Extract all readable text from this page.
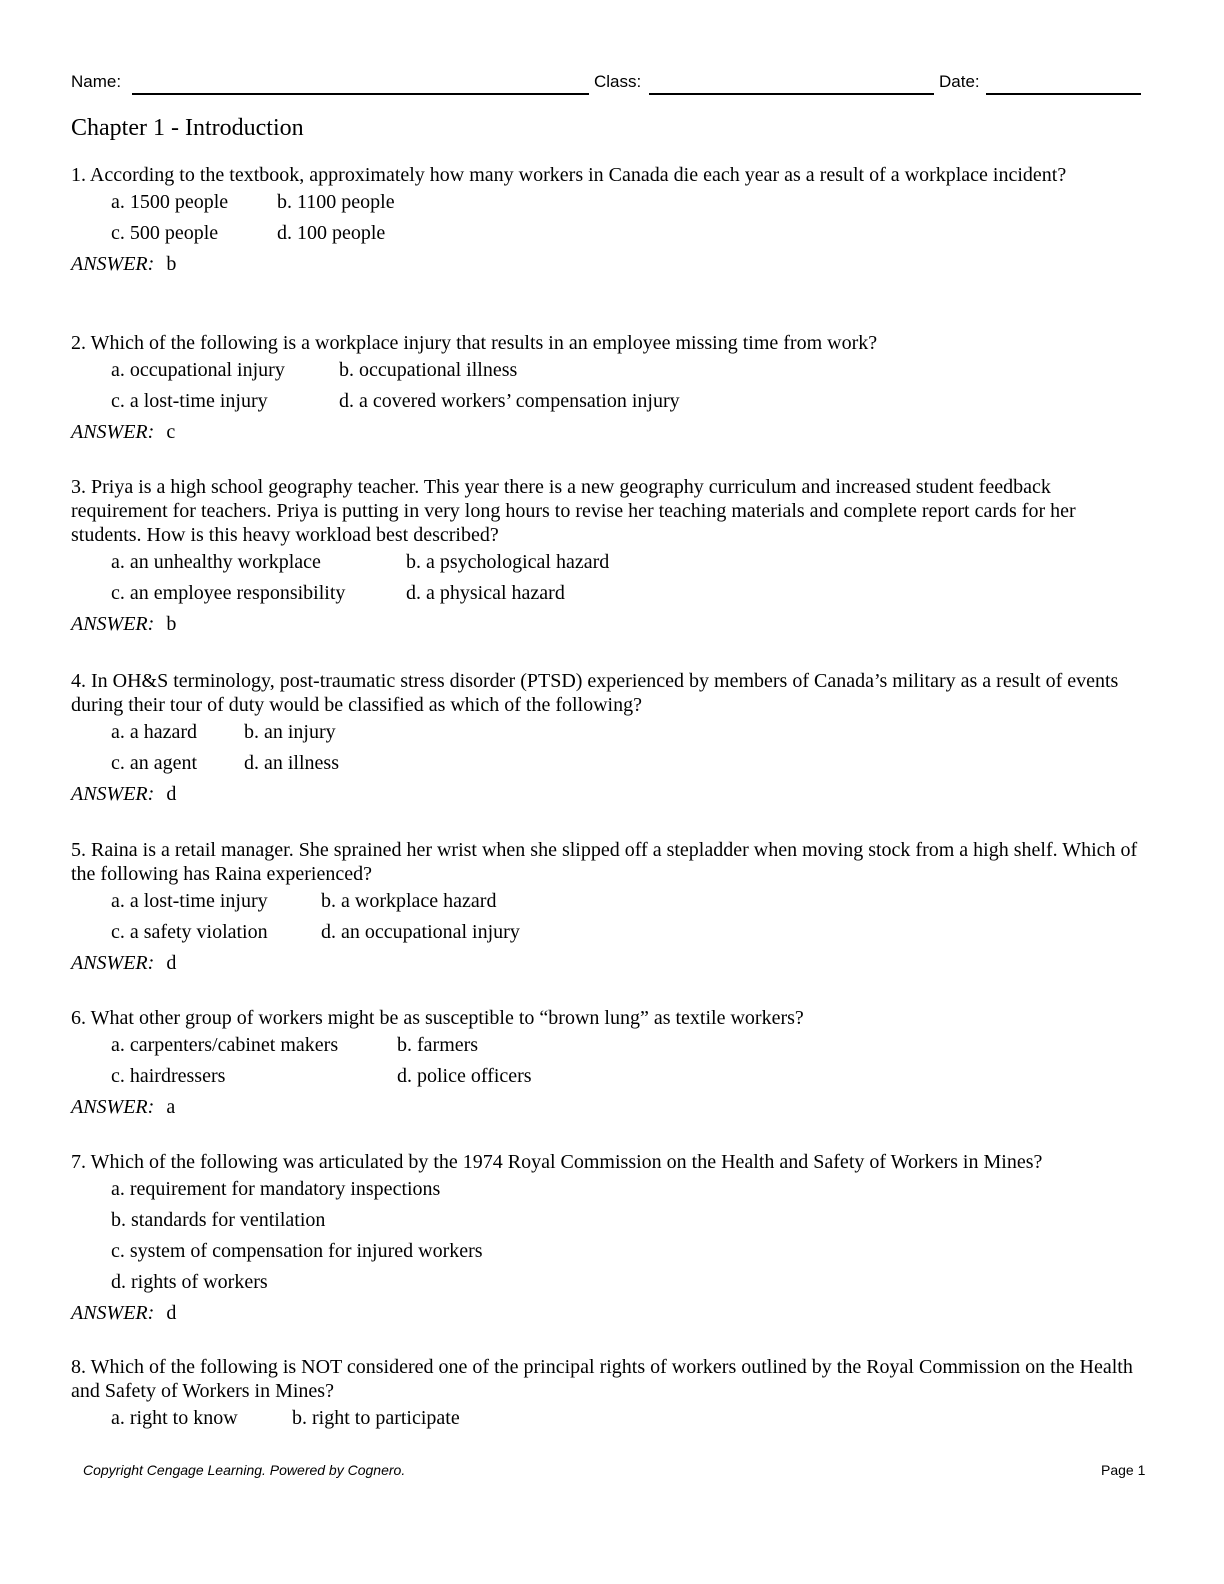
Name:	Class:	Date:
Chapter 1 - Introduction

1. According to the textbook, approximately how many workers in Canada die each year as a result of a workplace incident?

a. 1500 people b. 1100 people
c. 500 people	d. 100 people
ANSWER: b

2. Which of the following is a workplace injury that results in an employee missing time from work?

a. occupational injury	b. occupational illness
c. a lost-time injury	d. a covered workers’ compensation injury
ANSWER: c

3. Priya is a high school geography teacher. This year there is a new geography curriculum and increased student feedback requirement for teachers. Priya is putting in very long hours to revise her teaching materials and complete report cards for her students. How is this heavy workload best described?

a. an unhealthy workplace	b. a psychological hazard
c. an employee responsibility	d. a physical hazard
ANSWER: b

4. In OH&S terminology, post-traumatic stress disorder (PTSD) experienced by members of Canada’s military as a result of events during their tour of duty would be classified as which of the following?

a. a hazard b. an injury
c. an agent d. an illness
ANSWER: d

5. Raina is a retail manager. She sprained her wrist when she slipped off a stepladder when moving stock from a high shelf. Which of the following has Raina experienced?

a. a lost-time injury	b. a workplace hazard
c. a safety violation	d. an occupational injury
ANSWER: d

6. What other group of workers might be as susceptible to “brown lung” as textile workers?

a. carpenters/cabinet makers	b. farmers
c. hairdressers	d. police officers
ANSWER: a

7. Which of the following was articulated by the 1974 Royal Commission on the Health and Safety of Workers in Mines?

a. requirement for mandatory inspections
b. standards for ventilation
c. system of compensation for injured workers
d. rights of workers
ANSWER: d

8. Which of the following is NOT considered one of the principal rights of workers outlined by the Royal Commission on the Health and Safety of Workers in Mines?

a. right to know	b. right to participate
Copyright Cengage Learning. Powered by Cognero.	Page 1
